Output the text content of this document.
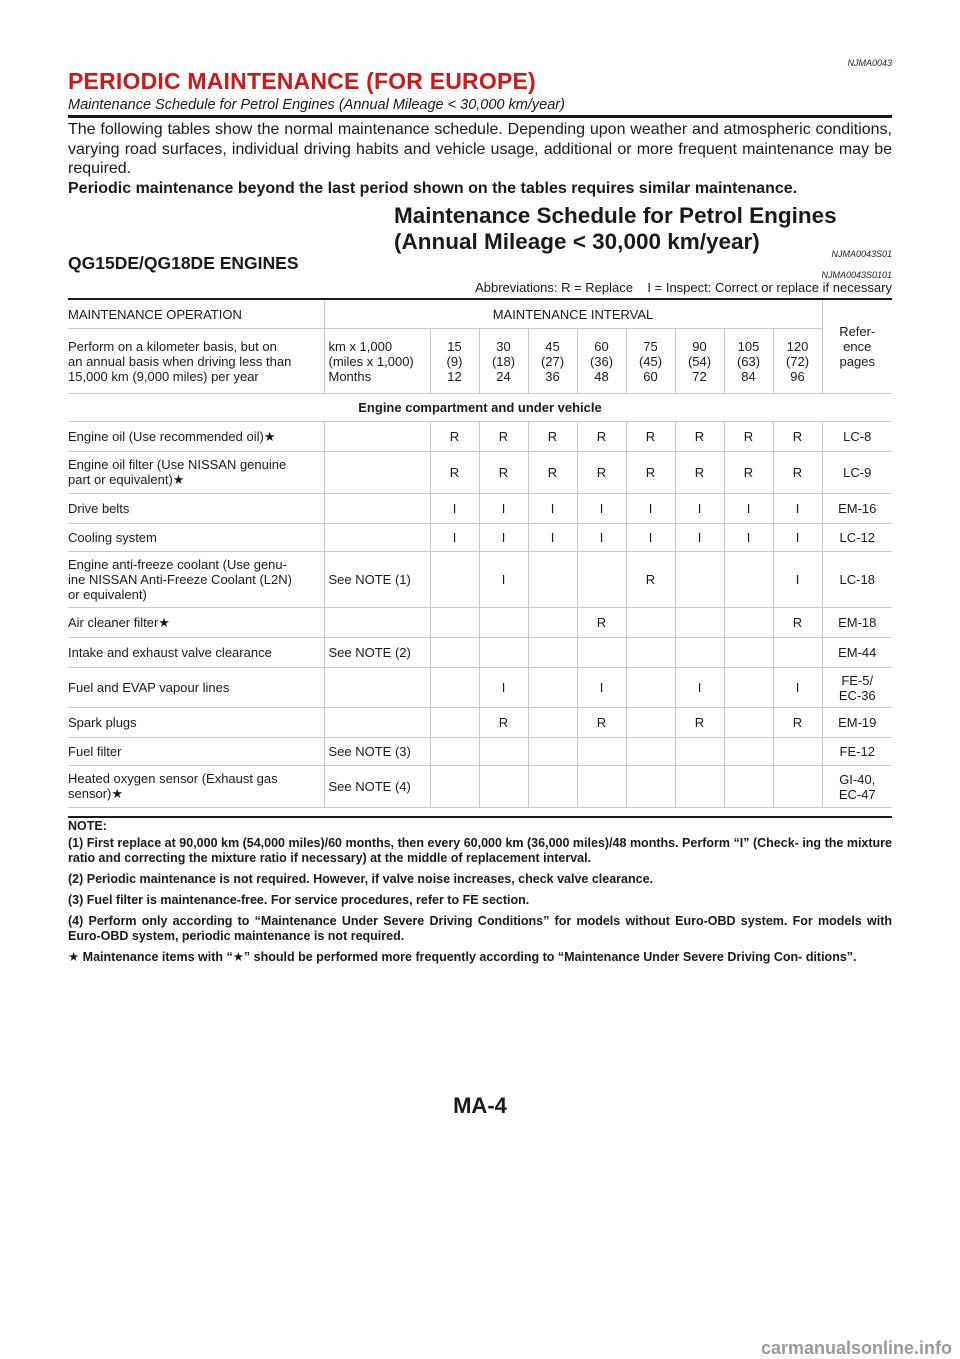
NJMA0043
PERIODIC MAINTENANCE (FOR EUROPE)
Maintenance Schedule for Petrol Engines (Annual Mileage < 30,000 km/year)
The following tables show the normal maintenance schedule. Depending upon weather and atmospheric conditions, varying road surfaces, individual driving habits and vehicle usage, additional or more frequent maintenance may be required.
Periodic maintenance beyond the last period shown on the tables requires similar maintenance.
Maintenance Schedule for Petrol Engines
(Annual Mileage < 30,000 km/year)	NJMA0043S01
QG15DE/QG18DE ENGINES
NJMA0043S0101
Abbreviations: R = Replace    I = Inspect: Correct or replace if necessary
MAINTENANCE OPERATION	MAINTENANCE INTERVAL									Refer-
ence
pages
Perform on a kilometer basis, but on
an annual basis when driving less than
15,000 km (9,000 miles) per year	km x 1,000
(miles x 1,000)
Months	15
(9)
12	30
(18)
24	45
(27)
36	60
(36)
48	75
(45)
60	90
(54)
72	105
(63)
84	120
(72)
96	
Engine compartment and under vehicle										
Engine oil (Use recommended oil)★		R	R	R	R	R	R	R	R	LC-8
Engine oil filter (Use NISSAN genuine
part or equivalent)★		R	R	R	R	R	R	R	R	LC-9
Drive belts		I	I	I	I	I	I	I	I	EM-16
Cooling system		I	I	I	I	I	I	I	I	LC-12
Engine anti-freeze coolant (Use genu-
ine NISSAN Anti-Freeze Coolant (L2N)
or equivalent)	See NOTE (1)		I			R			I	LC-18
Air cleaner filter★					R				R	EM-18
Intake and exhaust valve clearance	See NOTE (2)									EM-44
Fuel and EVAP vapour lines			I		I		I		I	FE-5/
EC-36
Spark plugs			R		R		R		R	EM-19
Fuel filter	See NOTE (3)									FE-12
Heated oxygen sensor (Exhaust gas
sensor)★	See NOTE (4)									GI-40,
EC-47

NOTE:

(1) First replace at 90,000 km (54,000 miles)/60 months, then every 60,000 km (36,000 miles)/48 months. Perform “I” (Check- ing the mixture ratio and correcting the mixture ratio if necessary) at the middle of replacement interval.

(2) Periodic maintenance is not required. However, if valve noise increases, check valve clearance.

(3) Fuel filter is maintenance-free. For service procedures, refer to FE section.

(4) Perform only according to “Maintenance Under Severe Driving Conditions” for models without Euro-OBD system. For models with Euro-OBD system, periodic maintenance is not required.

★ Maintenance items with “★” should be performed more frequently according to “Maintenance Under Severe Driving Con- ditions”.

MA-4
carmanualsonline.info
